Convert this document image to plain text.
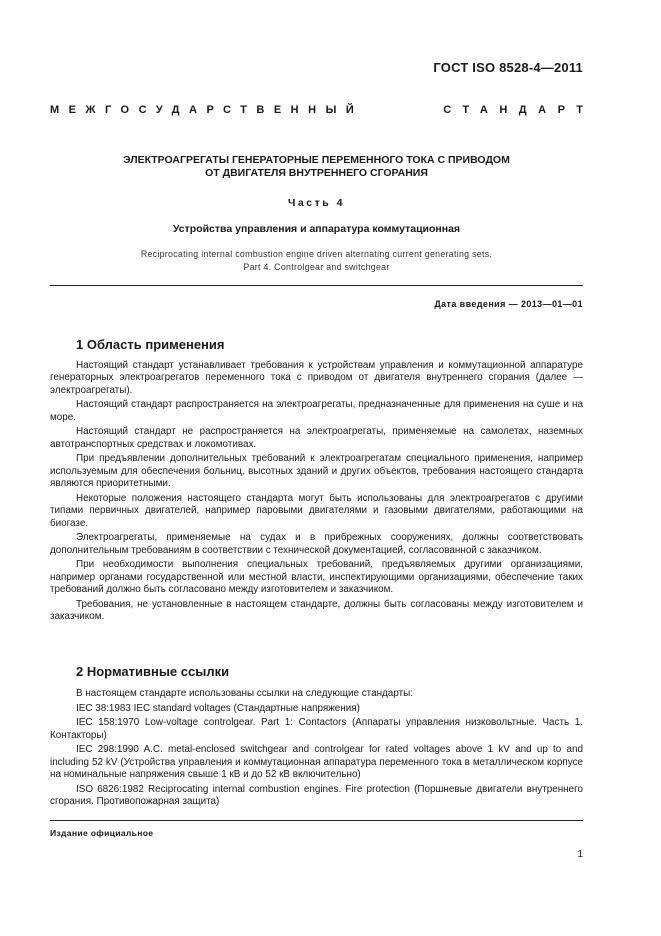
ГОСТ ISO 8528-4—2011
МЕЖГОСУДАРСТВЕННЫЙ	СТАНДАРТ
ЭЛЕКТРОАГРЕГАТЫ ГЕНЕРАТОРНЫЕ ПЕРЕМЕННОГО ТОКА С ПРИВОДОМ
ОТ ДВИГАТЕЛЯ ВНУТРЕННЕГО СГОРАНИЯ
Часть 4
Устройства управления и аппаратура коммутационная
Reciprocating internal combustion engine driven alternating current generating sets.
Part 4. Controlgear and switchgear
Дата введения — 2013—01—01
1 Область применения

Настоящий стандарт устанавливает требования к устройствам управления и коммутационной аппаратуре генераторных электроагрегатов переменного тока с приводом от двигателя внутреннего сгорания (далее — электроагрегаты).

Настоящий стандарт распространяется на электроагрегаты, предназначенные для применения на суше и на море.

Настоящий стандарт не распространяется на электроагрегаты, применяемые на самолетах, наземных автотранспортных средствах и локомотивах.

При предъявлении дополнительных требований к электроагрегатам специального применения, например используемым для обеспечения больниц, высотных зданий и других объектов, требования настоящего стандарта являются приоритетными.

Некоторые положения настоящего стандарта могут быть использованы для электроагрегатов с другими типами первичных двигателей, например паровыми двигателями и газовыми двигателями, работающими на биогазе.

Электроагрегаты, применяемые на судах и в прибрежных сооружениях, должны соответствовать дополнительным требованиям в соответствии с технической документацией, согласованной с заказчиком.

При необходимости выполнения специальных требований, предъявляемых другими организациями, например органами государственной или местной власти, инспектирующими организациями, обеспечение таких требований должно быть согласовано между изготовителем и заказчиком.

Требования, не установленные в настоящем стандарте, должны быть согласованы между изготовителем и заказчиком.

2 Нормативные ссылки

В настоящем стандарте использованы ссылки на следующие стандарты:

IEC 38:1983 IEC standard voltages (Стандартные напряжения)

IEC 158:1970 Low-voltage controlgear. Part 1: Contactors (Аппараты управления низковольтные. Часть 1. Контакторы)

IEC 298:1990 A.C. metal-enclosed switchgear and controlgear for rated voltages above 1 kV and up to and including 52 kV (Устройства управления и коммутационная аппаратура переменного тока в металлическом корпусе на номинальные напряжения свыше 1 кВ и до 52 кВ включительно)

ISO 6826:1982 Reciprocating internal combustion engines. Fire protection (Поршневые двигатели внутреннего сгорания. Противопожарная защита)

Издание официальное
1
